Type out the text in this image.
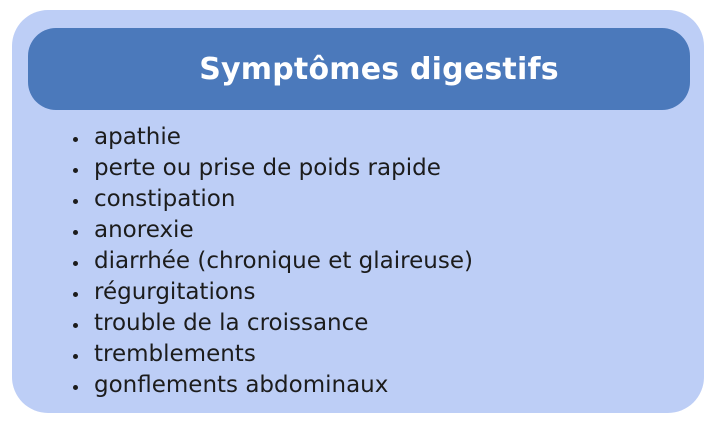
Symptômes digestifs
• apathie
• perte ou prise de poids rapide
• constipation
• anorexie
• diarrhée (chronique et glaireuse)
• régurgitations
• trouble de la croissance
• tremblements
• gonflements abdominaux
